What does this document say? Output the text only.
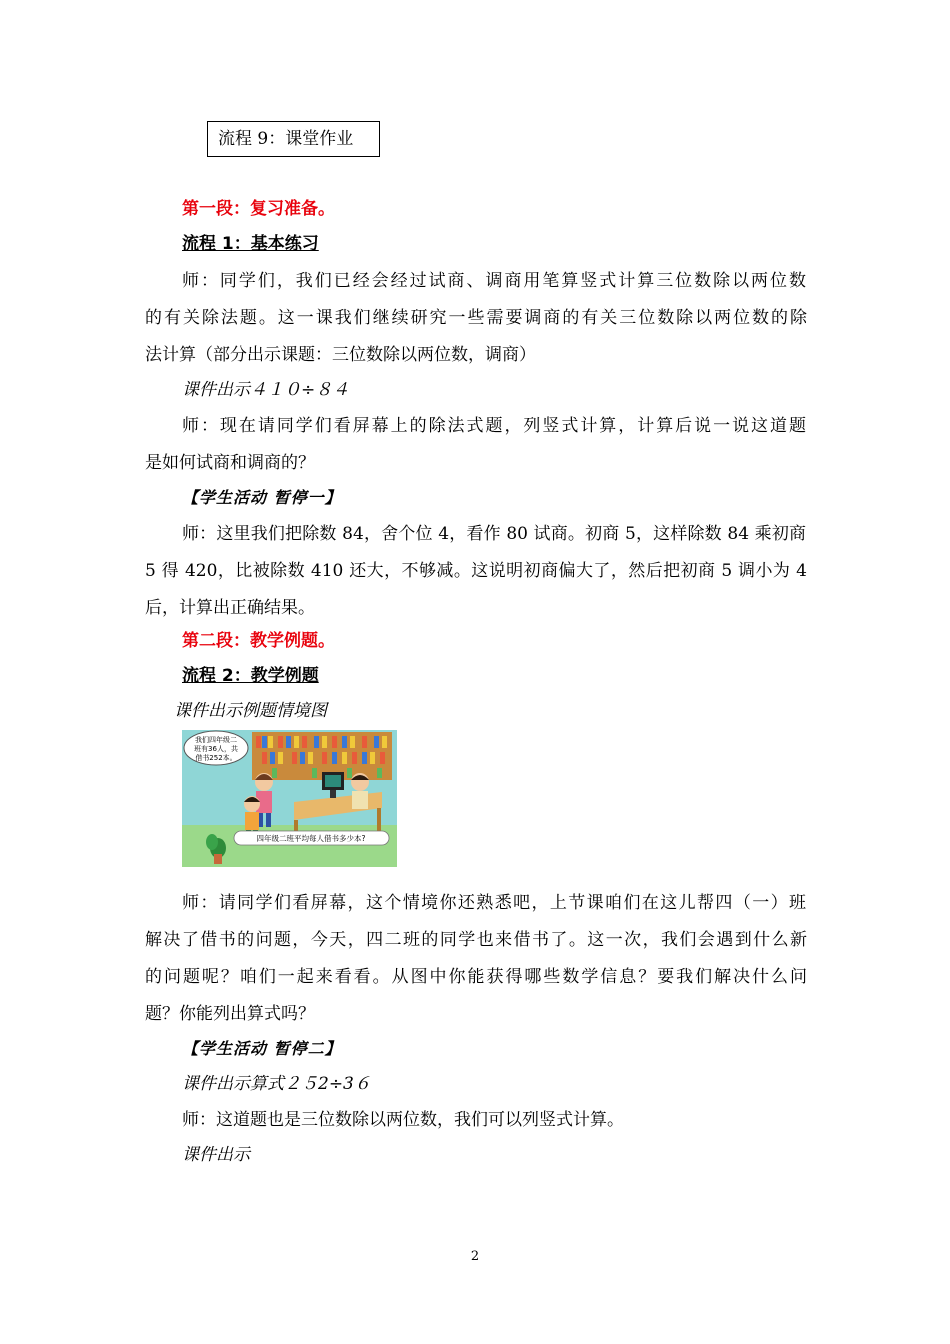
流程 9：课堂作业
第一段：复习准备。
流程 1：基本练习
师：同学们，我们已经会经过试商、调商用笔算竖式计算三位数除以两位数
的有关除法题。这一课我们继续研究一些需要调商的有关三位数除以两位数的除
法计算（部分出示课题：三位数除以两位数，调商）
课件出示４１０÷８４
师：现在请同学们看屏幕上的除法式题，列竖式计算，计算后说一说这道题
是如何试商和调商的？
【学生活动 暂停一】
师：这里我们把除数 84，舍个位 4，看作 80 试商。初商 5，这样除数 84 乘初商
5 得 420，比被除数 410 还大，不够减。这说明初商偏大了，然后把初商 5 调小为 4
后，计算出正确结果。
第二段：教学例题。
流程 2：教学例题
课件出示例题情境图
我们四年级二
班有36人，共
借书252本。
四年级二班平均每人借书多少本?
师：请同学们看屏幕，这个情境你还熟悉吧，上节课咱们在这儿帮四（一）班
解决了借书的问题，今天，四二班的同学也来借书了。这一次，我们会遇到什么新
的问题呢？咱们一起来看看。从图中你能获得哪些数学信息？要我们解决什么问
题？你能列出算式吗？
【学生活动 暂停二】
课件出示算式２５2÷3６
师：这道题也是三位数除以两位数，我们可以列竖式计算。
课件出示
2
